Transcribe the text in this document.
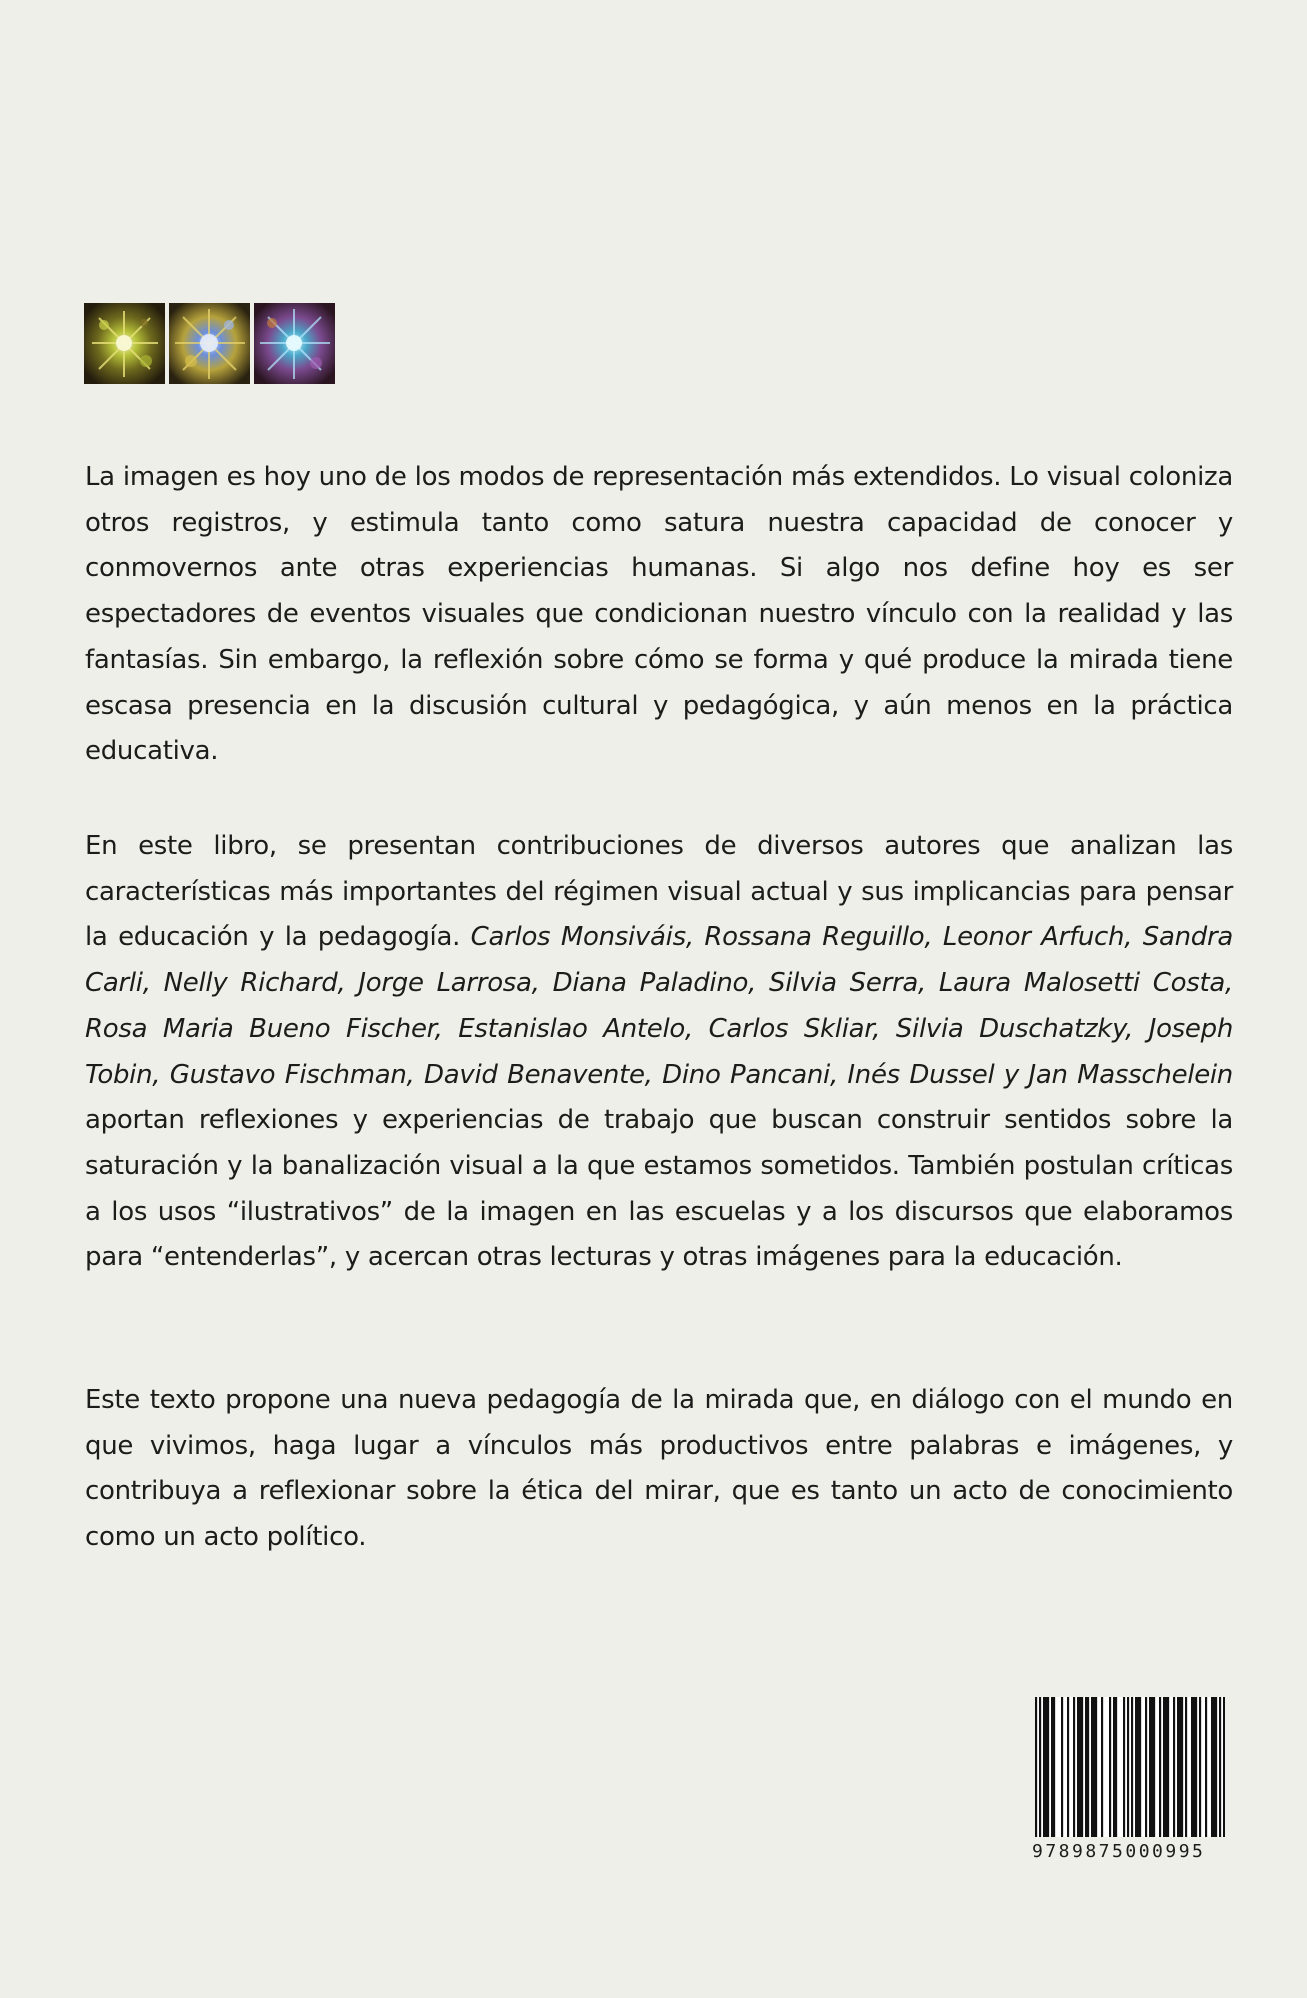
La imagen es hoy uno de los modos de representación más extendidos. Lo visual coloniza otros registros, y estimula tanto como satura nuestra capacidad de conocer y conmovernos ante otras experiencias humanas. Si algo nos define hoy es ser espectadores de eventos visuales que condicionan nuestro vínculo con la realidad y las fantasías. Sin embargo, la reflexión sobre cómo se forma y qué produce la mirada tiene escasa presencia en la discusión cultural y pedagógica, y aún menos en la práctica educativa.

En este libro, se presentan contribuciones de diversos autores que analizan las características más importantes del régimen visual actual y sus implicancias para pensar la educación y la pedagogía. Carlos Monsiváis, Rossana Reguillo, Leonor Arfuch, Sandra Carli, Nelly Richard, Jorge Larrosa, Diana Paladino, Silvia Serra, Laura Malosetti Costa, Rosa Maria Bueno Fischer, Estanislao Antelo, Carlos Skliar, Silvia Duschatzky, Joseph Tobin, Gustavo Fischman, David Benavente, Dino Pancani, Inés Dussel y Jan Masschelein aportan reflexiones y experiencias de trabajo que buscan construir sentidos sobre la saturación y la banalización visual a la que estamos sometidos. También postulan críticas a los usos “ilustrativos” de la imagen en las escuelas y a los discursos que elaboramos para “entenderlas”, y acercan otras lecturas y otras imágenes para la educación.

Este texto propone una nueva pedagogía de la mirada que, en diálogo con el mundo en que vivimos, haga lugar a vínculos más productivos entre palabras e imágenes, y contribuya a reflexionar sobre la ética del mirar, que es tanto un acto de conocimiento como un acto político.

9789875000995
